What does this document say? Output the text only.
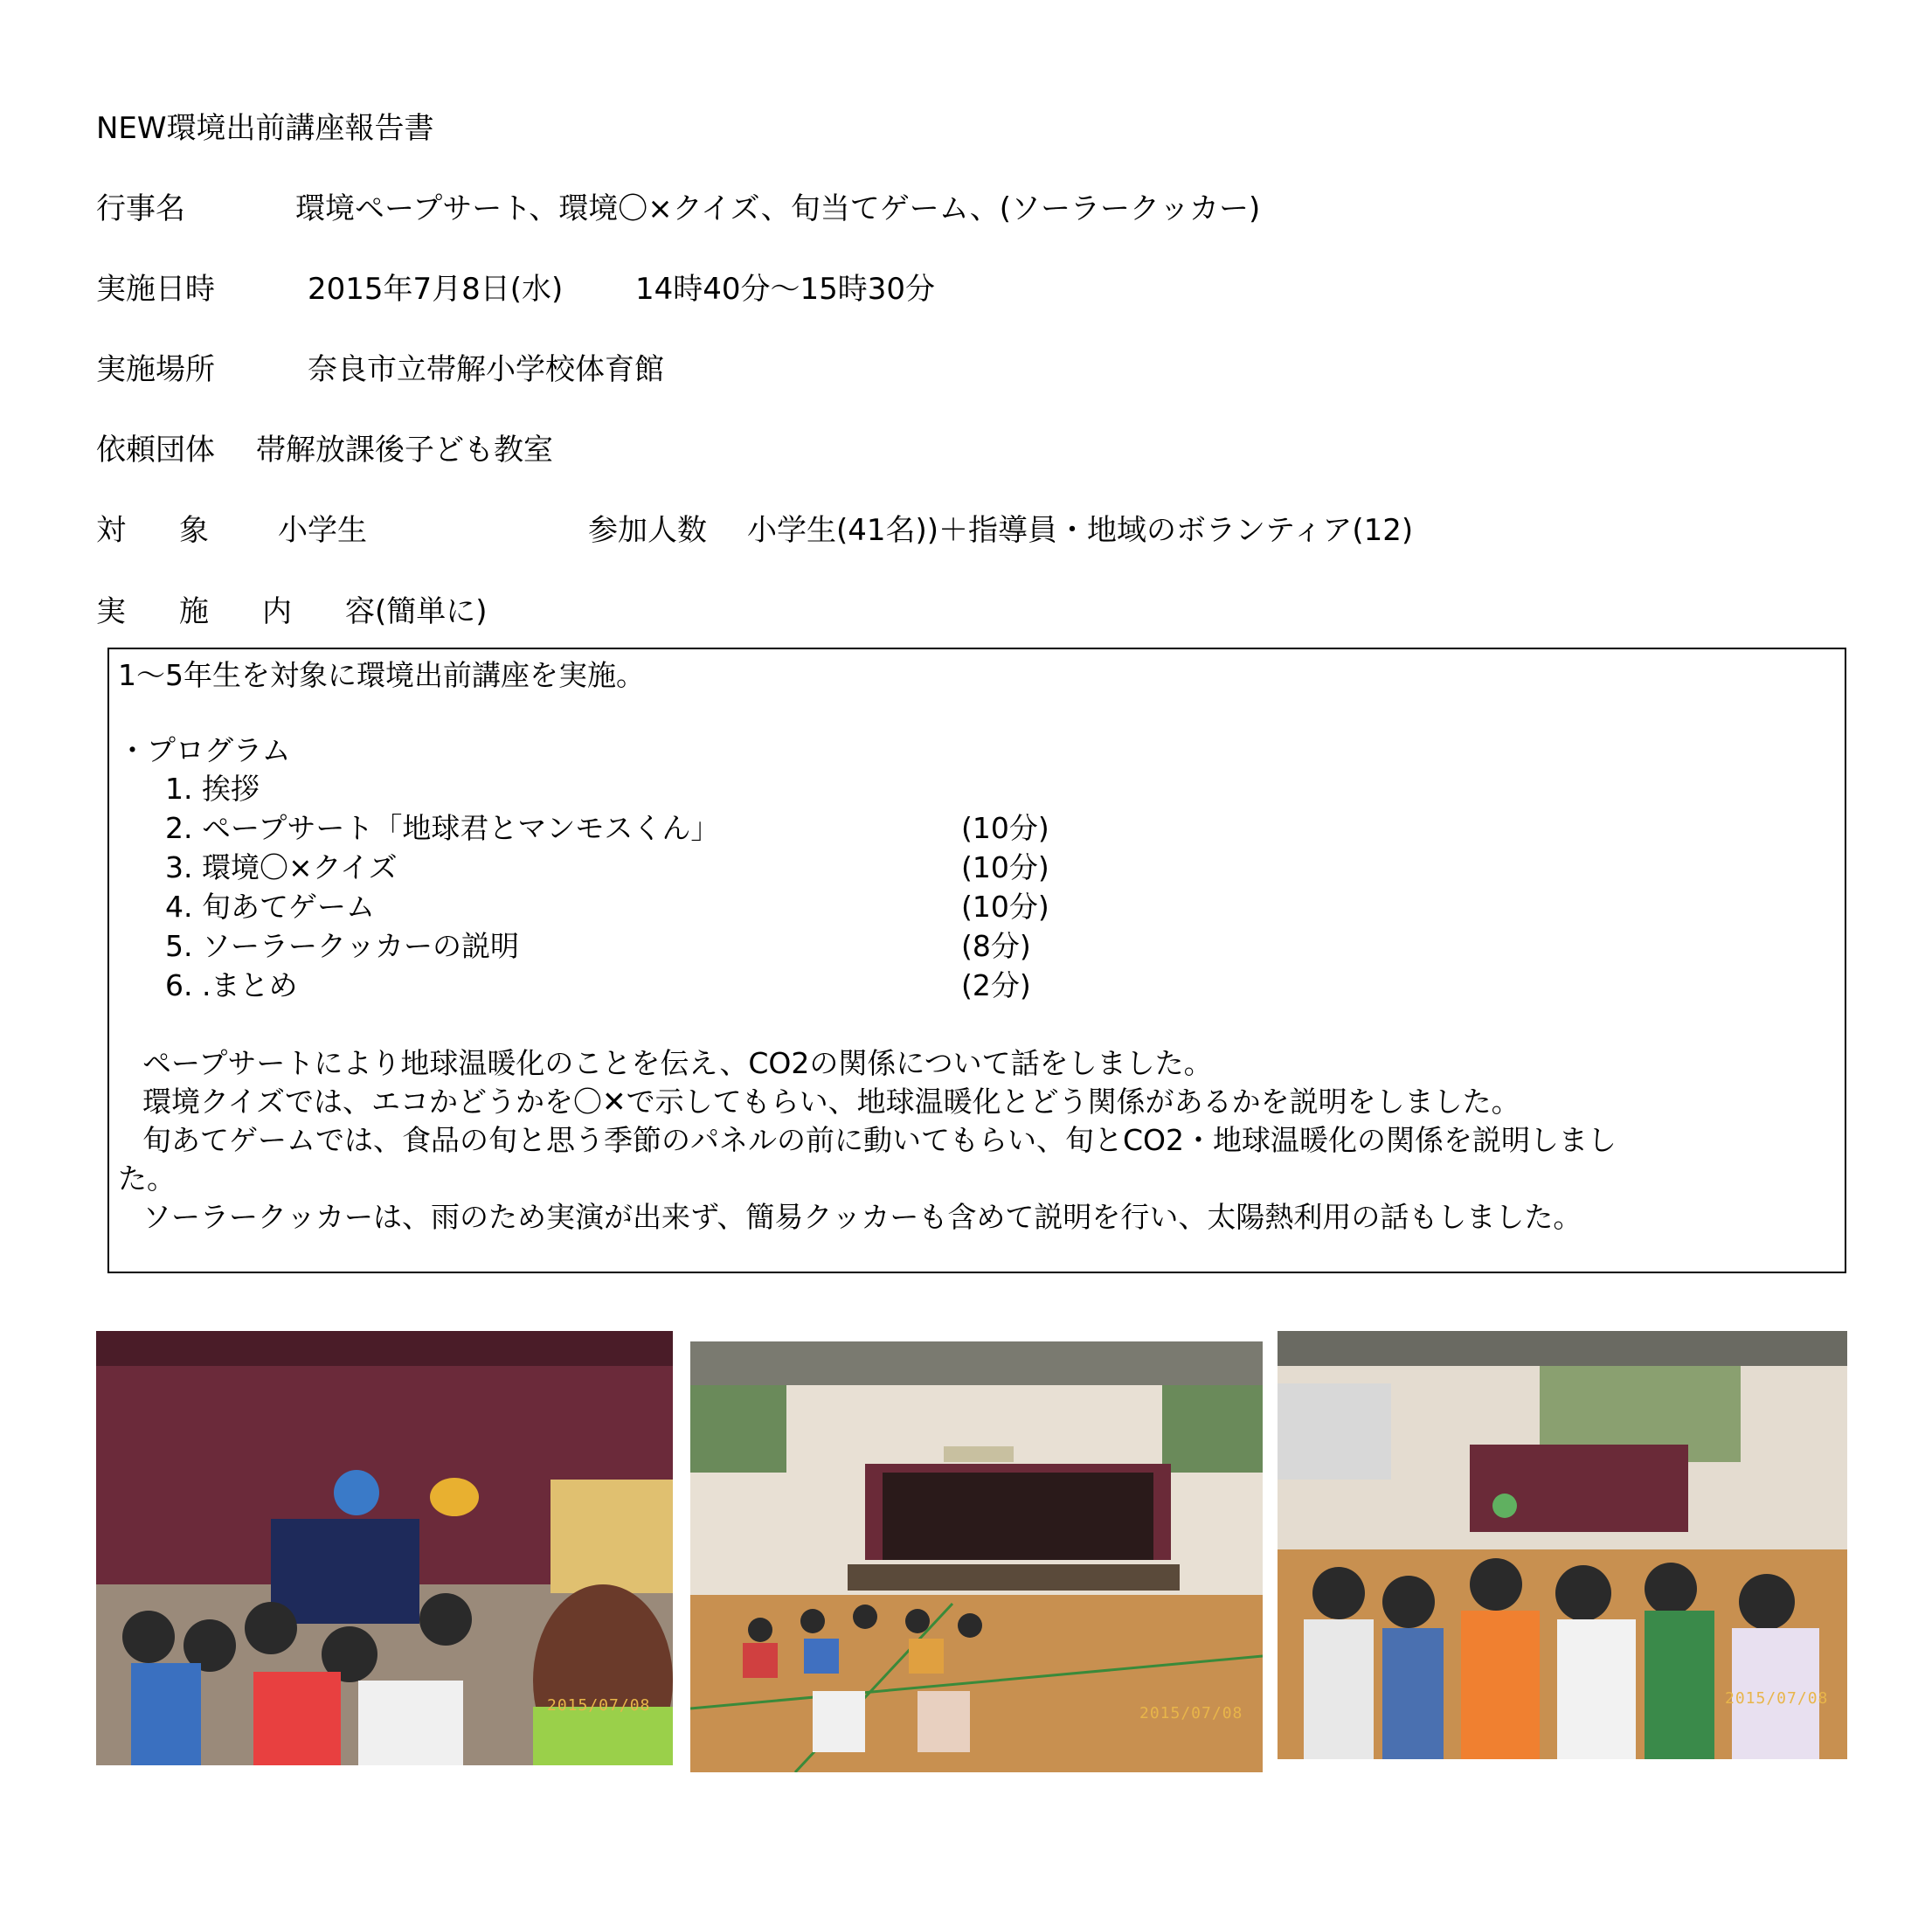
NEW環境出前講座報告書
行事名	環境ペープサート、環境〇×クイズ、旬当てゲーム、(ソーラークッカー)
実施日時	2015年7月8日(水) 14時40分～15時30分
実施場所	奈良市立帯解小学校体育館
依頼団体 帯解放課後子ども教室
対 象 小学生	参加人数 小学生(41名))＋指導員・地域のボランティア(12)
実 施 内 容(簡単に)
1～5年生を対象に環境出前講座を実施。
・プログラム
1. 挨拶
2. ペープサート「地球君とマンモスくん」	(10分)
3. 環境〇×クイズ	(10分)
4. 旬あてゲーム	(10分)
5. ソーラークッカーの説明	(8分)
6. .まとめ	(2分)
ペープサートにより地球温暖化のことを伝え、CO2の関係について話をしました。
環境クイズでは、エコかどうかを〇✕で示してもらい、地球温暖化とどう関係があるかを説明をしました。
旬あてゲームでは、食品の旬と思う季節のパネルの前に動いてもらい、旬とCO2・地球温暖化の関係を説明しまし
た。
ソーラークッカーは、雨のため実演が出来ず、簡易クッカーも含めて説明を行い、太陽熱利用の話もしました。
2015/07/08	2015/07/08
2015/07/08
